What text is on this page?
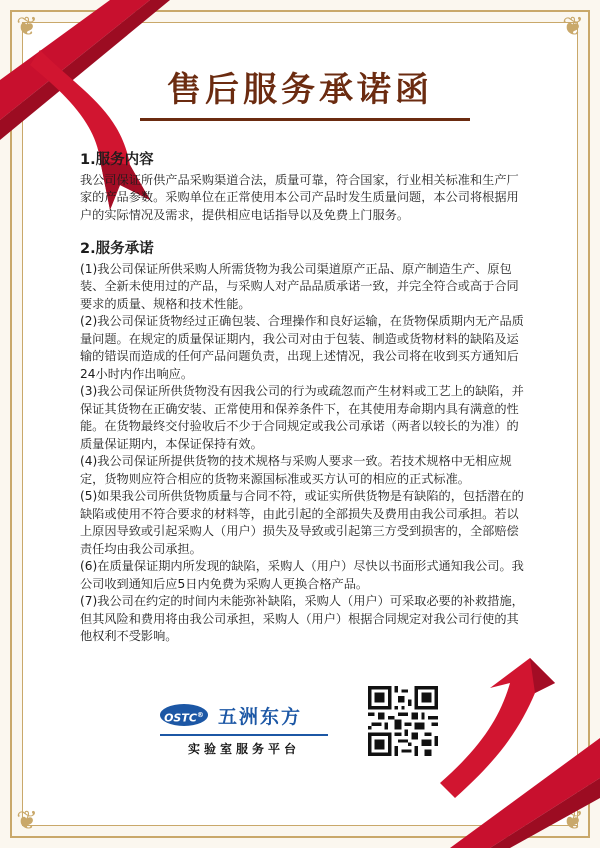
❦	❦
❦	❦
售后服务承诺函
1.服务内容

我公司保证所供产品采购渠道合法，质量可靠，符合国家，行业相关标准和生产厂家的产品参数。采购单位在正常使用本公司产品时发生质量问题，本公司将根据用户的实际情况及需求，提供相应电话指导以及免费上门服务。

2.服务承诺

(1)我公司保证所供采购人所需货物为我公司渠道原产正品、原产制造生产、原包装、全新未使用过的产品，与采购人对产品品质承诺一致，并完全符合或高于合同要求的质量、规格和技术性能。

(2)我公司保证货物经过正确包装、合理操作和良好运输，在货物保质期内无产品质量问题。在规定的质量保证期内，我公司对由于包装、制造或货物材料的缺陷及运输的错误而造成的任何产品问题负责，出现上述情况，我公司将在收到买方通知后24小时内作出响应。

(3)我公司保证所供货物没有因我公司的行为或疏忽而产生材料或工艺上的缺陷，并保证其货物在正确安装、正常使用和保养条件下，在其使用寿命期内具有满意的性能。在货物最终交付验收后不少于合同规定或我公司承诺（两者以较长的为准）的质量保证期内，本保证保持有效。

(4)我公司保证所提供货物的技术规格与采购人要求一致。若技术规格中无相应规定，货物则应符合相应的货物来源国标准或买方认可的相应的正式标准。

(5)如果我公司所供货物质量与合同不符，或证实所供货物是有缺陷的，包括潜在的缺陷或使用不符合要求的材料等，由此引起的全部损失及费用由我公司承担。若以上原因导致或引起采购人（用户）损失及导致或引起第三方受到损害的，全部赔偿责任均由我公司承担。

(6)在质量保证期内所发现的缺陷，采购人（用户）尽快以书面形式通知我公司。我公司收到通知后应5日内免费为采购人更换合格产品。

(7)我公司在约定的时间内未能弥补缺陷，采购人（用户）可采取必要的补救措施，但其风险和费用将由我公司承担，采购人（用户）根据合同规定对我公司行使的其他权利不受影响。

OSTC® 五洲东方
实验室服务平台
